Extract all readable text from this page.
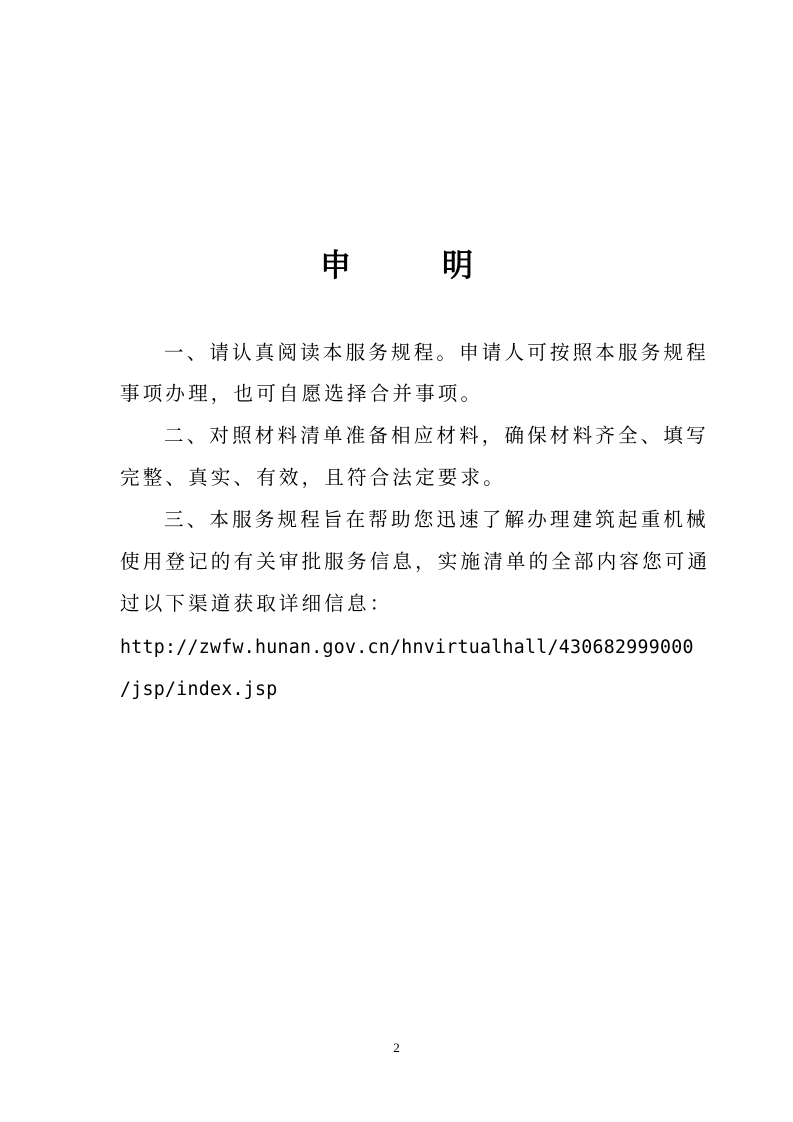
申　明
一、请认真阅读本服务规程。申请人可按照本服务规程
事项办理，也可自愿选择合并事项。
二、对照材料清单准备相应材料，确保材料齐全、填写
完整、真实、有效，且符合法定要求。
三、本服务规程旨在帮助您迅速了解办理建筑起重机械
使用登记的有关审批服务信息，实施清单的全部内容您可通
过以下渠道获取详细信息：
http://zwfw.hunan.gov.cn/hnvirtualhall/430682999000
/jsp/index.jsp
2
